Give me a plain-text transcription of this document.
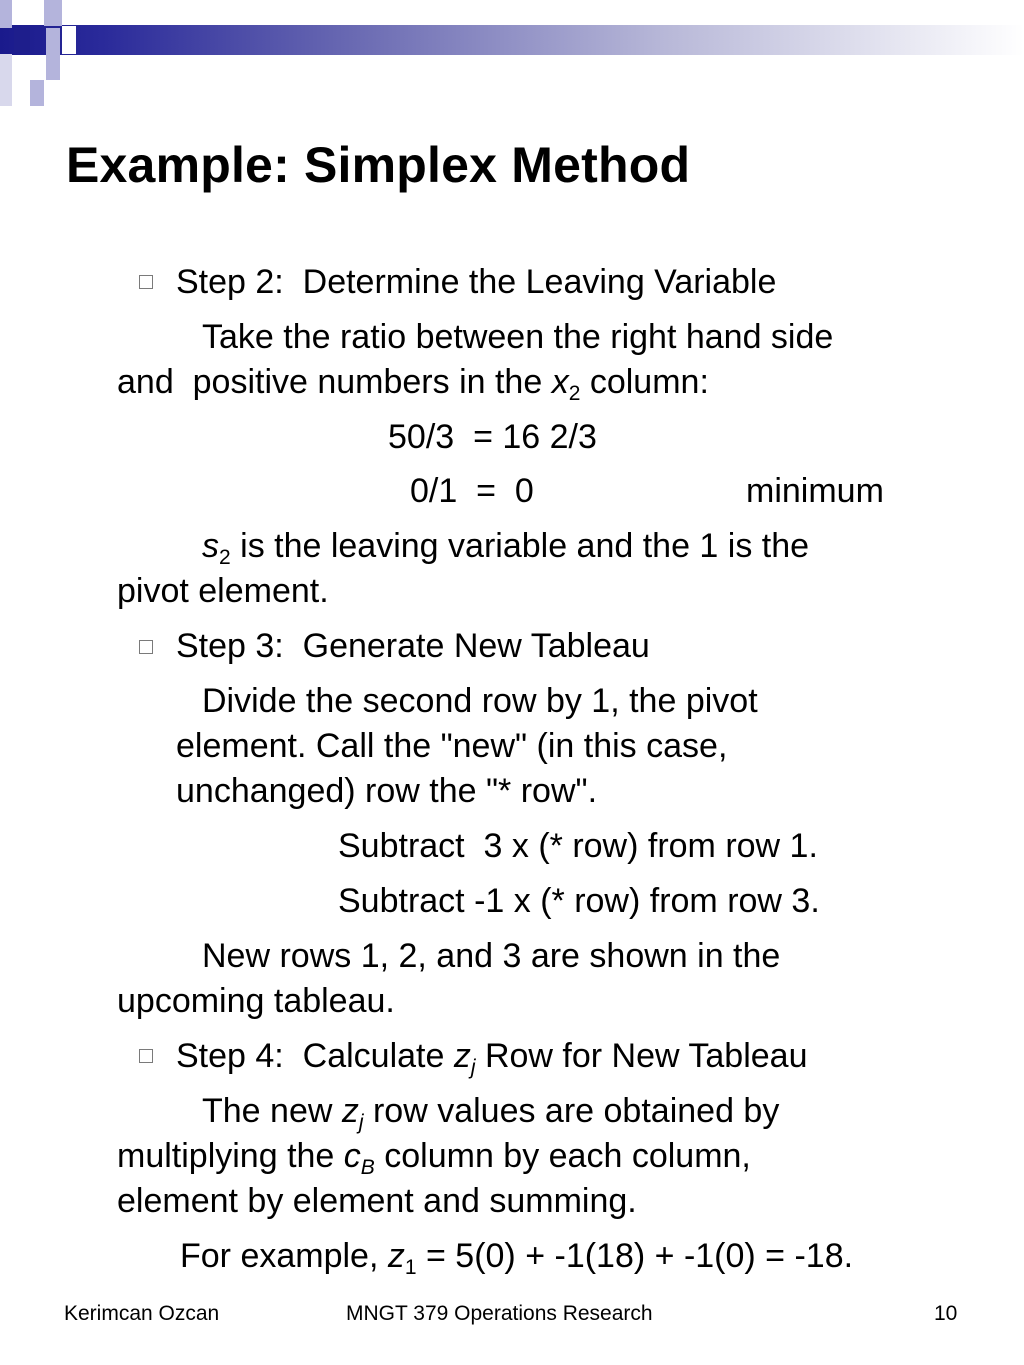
Example: Simplex Method
Step 2:  Determine the Leaving Variable
Take the ratio between the right hand side
and  positive numbers in the $x_2$ column:
50/3  = 16 2/3
0/1  =  0	minimum
$s_2$ is the leaving variable and the 1 is the
pivot element.
Step 3:  Generate New Tableau
Divide the second row by 1, the pivot
element. Call the "new" (in this case,
unchanged) row the "* row".
Subtract  3 x (* row) from row 1.
Subtract -1 x (* row) from row 3.
New rows 1, 2, and 3 are shown in the
upcoming tableau.
Step 4:  Calculate $z_j$ Row for New Tableau
The new $z_j$ row values are obtained by
multiplying the $c_B$ column by each column,
element by element and summing.
For example, $z_1 = 5(0) + -1(18) + -1(0) = -18$.
Kerimcan Ozcan	MNGT 379 Operations Research	10
